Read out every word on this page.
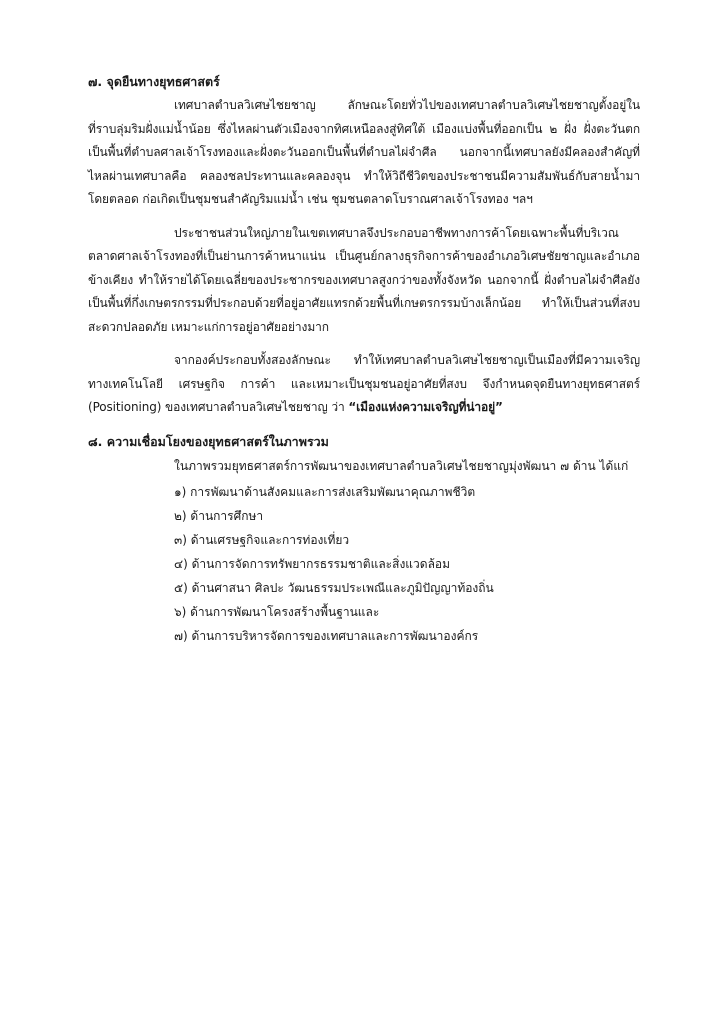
๗. จุดยืนทางยุทธศาสตร์

เทศบาลตำบลวิเศษไชยชาญ ลักษณะโดยทั่วไปของเทศบาลตำบลวิเศษไชยชาญตั้งอยู่ในที่ราบลุ่มริมฝั่งแม่น้ำน้อย ซึ่งไหลผ่านตัวเมืองจากทิศเหนือลงสู่ทิศใต้ เมืองแบ่งพื้นที่ออกเป็น ๒ ฝั่ง ฝั่งตะวันตกเป็นพื้นที่ตำบลศาลเจ้าโรงทองและฝั่งตะวันออกเป็นพื้นที่ตำบลไผ่จำศีล นอกจากนี้เทศบาลยังมีคลองสำคัญที่ไหลผ่านเทศบาลคือ คลองชลประทานและคลองจุน ทำให้วิถีชีวิตของประชาชนมีความสัมพันธ์กับสายน้ำมาโดยตลอด ก่อเกิดเป็นชุมชนสำคัญริมแม่น้ำ เช่น ชุมชนตลาดโบราณศาลเจ้าโรงทอง ฯลฯ

ประชาชนส่วนใหญ่ภายในเขตเทศบาลจึงประกอบอาชีพทางการค้าโดยเฉพาะพื้นที่บริเวณตลาดศาลเจ้าโรงทองที่เป็นย่านการค้าหนาแน่น เป็นศูนย์กลางธุรกิจการค้าของอำเภอวิเศษชัยชาญและอำเภอข้างเคียง ทำให้รายได้โดยเฉลี่ยของประชากรของเทศบาลสูงกว่าของทั้งจังหวัด นอกจากนี้ ฝั่งตำบลไผ่จำศีลยังเป็นพื้นที่กึ่งเกษตรกรรมที่ประกอบด้วยที่อยู่อาศัยแทรกด้วยพื้นที่เกษตรกรรมบ้างเล็กน้อย ทำให้เป็นส่วนที่สงบ สะดวกปลอดภัย เหมาะแก่การอยู่อาศัยอย่างมาก

จากองค์ประกอบทั้งสองลักษณะ ทำให้เทศบาลตำบลวิเศษไชยชาญเป็นเมืองที่มีความเจริญทางเทคโนโลยี เศรษฐกิจ การค้า และเหมาะเป็นชุมชนอยู่อาศัยที่สงบ จึงกำหนดจุดยืนทางยุทธศาสตร์ (Positioning) ของเทศบาลตำบลวิเศษไชยชาญ ว่า “เมืองแห่งความเจริญที่น่าอยู่”

๘. ความเชื่อมโยงของยุทธศาสตร์ในภาพรวม

ในภาพรวมยุทธศาสตร์การพัฒนาของเทศบาลตำบลวิเศษไชยชาญมุ่งพัฒนา ๗ ด้าน ได้แก่

๑) การพัฒนาด้านสังคมและการส่งเสริมพัฒนาคุณภาพชีวิต
๒) ด้านการศึกษา
๓) ด้านเศรษฐกิจและการท่องเที่ยว
๔) ด้านการจัดการทรัพยากรธรรมชาติและสิ่งแวดล้อม
๕) ด้านศาสนา ศิลปะ วัฒนธรรมประเพณีและภูมิปัญญาท้องถิ่น
๖) ด้านการพัฒนาโครงสร้างพื้นฐานและ
๗) ด้านการบริหารจัดการของเทศบาลและการพัฒนาองค์กร
